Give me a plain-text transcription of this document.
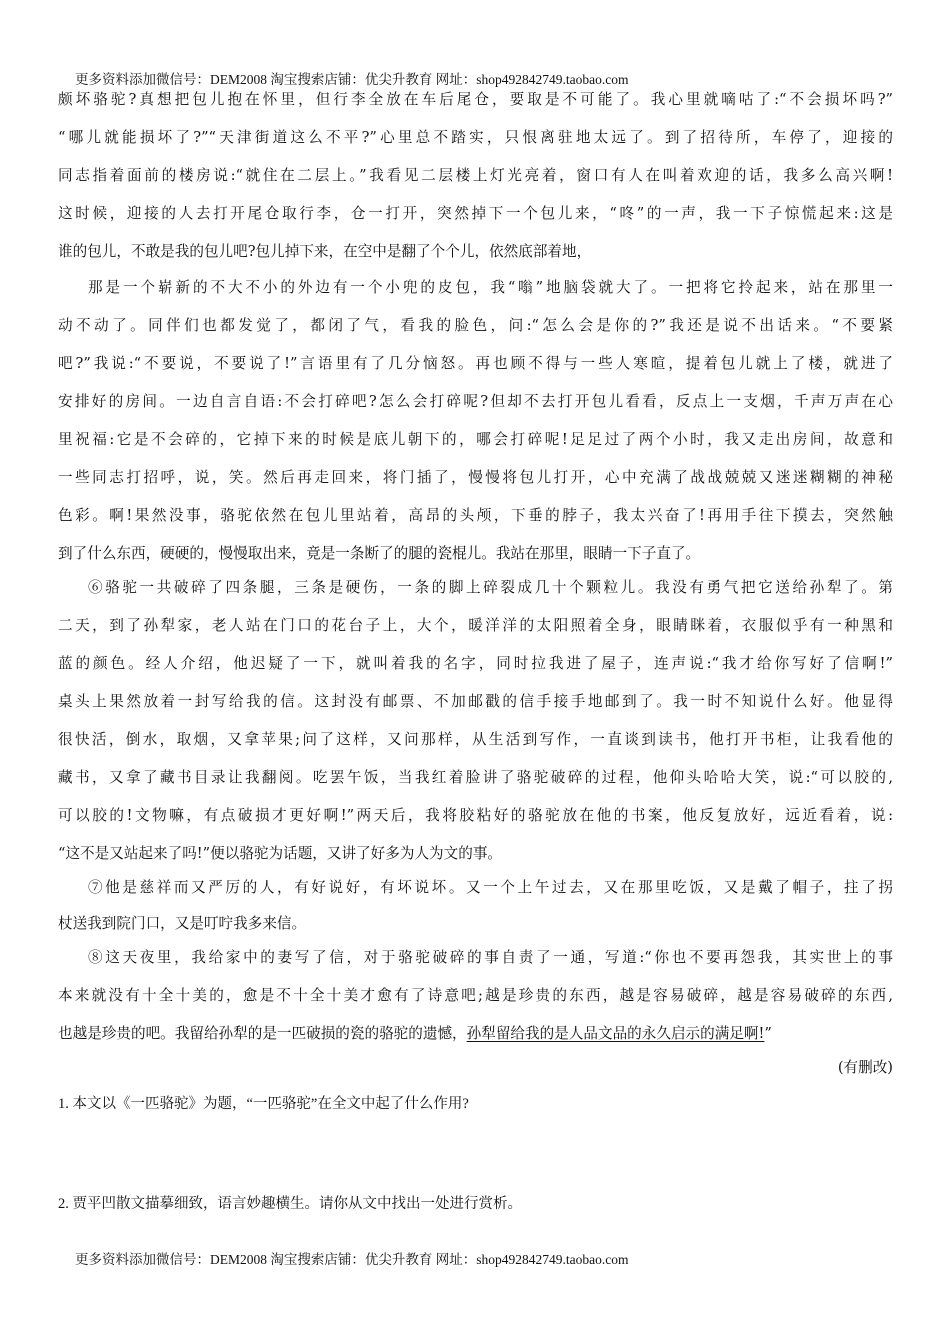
更多资料添加微信号：DEM2008 淘宝搜索店铺：优尖升教育 网址：shop492842749.taobao.com
颇坏骆驼?真想把包儿抱在怀里，但行李全放在车后尾仓，要取是不可能了。我心里就嘀咕了:“不会损坏吗?”
“哪儿就能损坏了?”“天津街道这么不平?”心里总不踏实，只恨离驻地太远了。到了招待所，车停了，迎接的
同志指着面前的楼房说:“就住在二层上。”我看见二层楼上灯光亮着，窗口有人在叫着欢迎的话，我多么高兴啊!
这时候，迎接的人去打开尾仓取行李，仓一打开，突然掉下一个包儿来，“咚”的一声，我一下子惊慌起来:这是
谁的包儿，不敢是我的包儿吧?包儿掉下来，在空中是翻了个个儿，依然底部着地，
那是一个崭新的不大不小的外边有一个小兜的皮包，我“嗡”地脑袋就大了。一把将它拎起来，站在那里一
动不动了。同伴们也都发觉了，都闭了气，看我的脸色，问:“怎么会是你的?”我还是说不出话来。“不要紧
吧?”我说:“不要说，不要说了!”言语里有了几分恼怒。再也顾不得与一些人寒暄，提着包儿就上了楼，就进了
安排好的房间。一边自言自语:不会打碎吧?怎么会打碎呢?但却不去打开包儿看看，反点上一支烟，千声万声在心
里祝福:它是不会碎的，它掉下来的时候是底儿朝下的，哪会打碎呢!足足过了两个小时，我又走出房间，故意和
一些同志打招呼，说，笑。然后再走回来，将门插了，慢慢将包儿打开，心中充满了战战兢兢又迷迷糊糊的神秘
色彩。啊!果然没事，骆驼依然在包儿里站着，高昂的头颅，下垂的脖子，我太兴奋了!再用手往下摸去，突然触
到了什么东西，硬硬的，慢慢取出来，竟是一条断了的腿的瓷棍儿。我站在那里，眼睛一下子直了。
⑥骆驼一共破碎了四条腿，三条是硬伤，一条的脚上碎裂成几十个颗粒儿。我没有勇气把它送给孙犁了。第
二天，到了孙犁家，老人站在门口的花台子上，大个，暖洋洋的太阳照着全身，眼睛眯着，衣服似乎有一种黑和
蓝的颜色。经人介绍，他迟疑了一下，就叫着我的名字，同时拉我进了屋子，连声说:“我才给你写好了信啊!”
桌头上果然放着一封写给我的信。这封没有邮票、不加邮戳的信手接手地邮到了。我一时不知说什么好。他显得
很快活，倒水，取烟，又拿苹果;问了这样，又问那样，从生活到写作，一直谈到读书，他打开书柜，让我看他的
藏书，又拿了藏书目录让我翻阅。吃罢午饭，当我红着脸讲了骆驼破碎的过程，他仰头哈哈大笑，说:“可以胶的,
可以胶的!文物嘛，有点破损才更好啊!”两天后，我将胶粘好的骆驼放在他的书案，他反复放好，远近看着，说:
“这不是又站起来了吗!”便以骆驼为话题，又讲了好多为人为文的事。
⑦他是慈祥而又严厉的人，有好说好，有坏说坏。又一个上午过去，又在那里吃饭，又是戴了帽子，拄了拐
杖送我到院门口，又是叮咛我多来信。
⑧这天夜里，我给家中的妻写了信，对于骆驼破碎的事自责了一通，写道:“你也不要再怨我，其实世上的事
本来就没有十全十美的，愈是不十全十美才愈有了诗意吧;越是珍贵的东西，越是容易破碎，越是容易破碎的东西,
也越是珍贵的吧。我留给孙犁的是一匹破损的瓷的骆驼的遗憾，孙犁留给我的是人品文品的永久启示的满足啊!”
(有删改)
1. 本文以《一匹骆驼》为题，“一匹骆驼”在全文中起了什么作用?
2. 贾平凹散文描摹细致，语言妙趣横生。请你从文中找出一处进行赏析。
更多资料添加微信号：DEM2008 淘宝搜索店铺：优尖升教育 网址：shop492842749.taobao.com
